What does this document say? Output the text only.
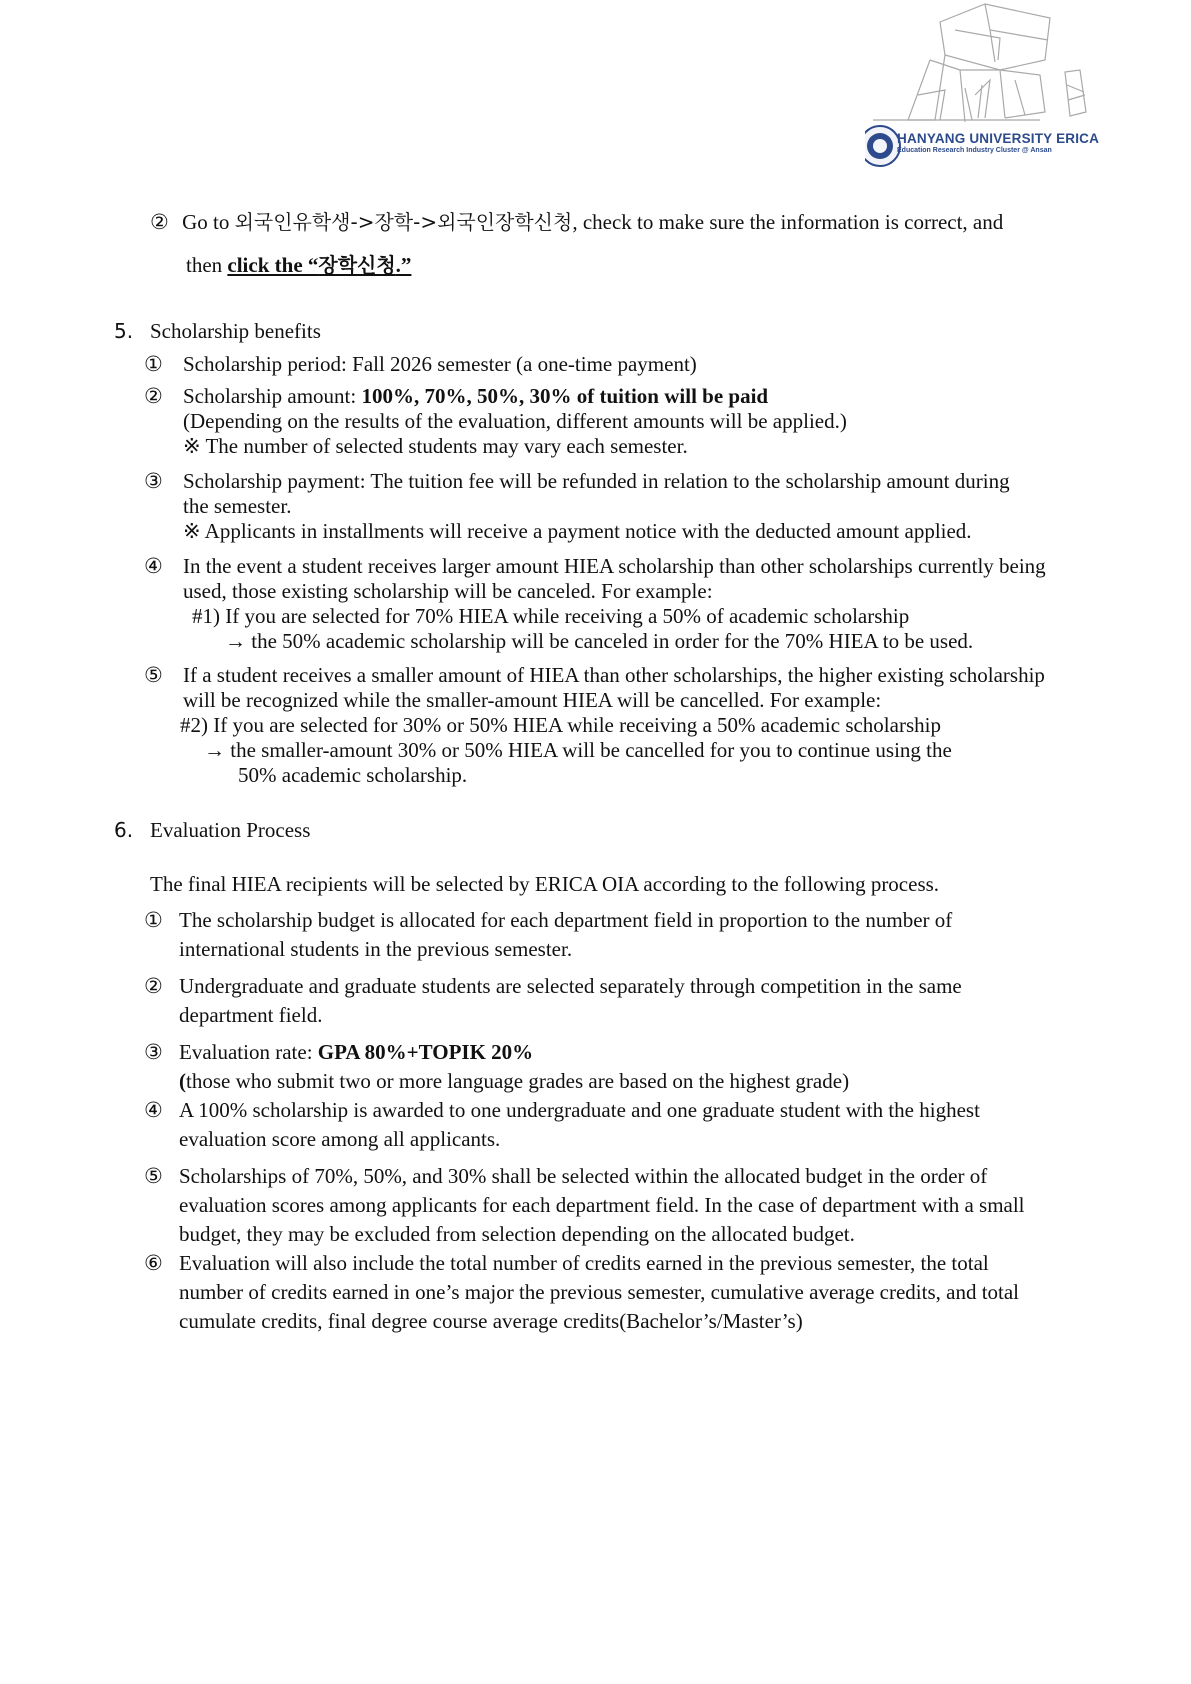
HANYANG UNIVERSITY ERICA
Education Research Industry Cluster @ Ansan
② Go to 외국인유학생->장학->외국인장학신청, check to make sure the information is correct, and
then click the “장학신청.”
5. Scholarship benefits
① Scholarship period: Fall 2026 semester (a one-time payment)
② Scholarship amount: 100%, 70%, 50%, 30% of tuition will be paid
(Depending on the results of the evaluation, different amounts will be applied.)
※ The number of selected students may vary each semester.
③ Scholarship payment: The tuition fee will be refunded in relation to the scholarship amount during
the semester.
※ Applicants in installments will receive a payment notice with the deducted amount applied.
④ In the event a student receives larger amount HIEA scholarship than other scholarships currently being
used, those existing scholarship will be canceled. For example:
#1) If you are selected for 70% HIEA while receiving a 50% of academic scholarship
→ the 50% academic scholarship will be canceled in order for the 70% HIEA to be used.
⑤ If a student receives a smaller amount of HIEA than other scholarships, the higher existing scholarship
will be recognized while the smaller-amount HIEA will be cancelled. For example:
#2) If you are selected for 30% or 50% HIEA while receiving a 50% academic scholarship
→ the smaller-amount 30% or 50% HIEA will be cancelled for you to continue using the
50% academic scholarship.
6. Evaluation Process
The final HIEA recipients will be selected by ERICA OIA according to the following process.
① The scholarship budget is allocated for each department field in proportion to the number of
international students in the previous semester.
② Undergraduate and graduate students are selected separately through competition in the same
department field.
③ Evaluation rate: GPA 80%+TOPIK 20%
(those who submit two or more language grades are based on the highest grade)
④ A 100% scholarship is awarded to one undergraduate and one graduate student with the highest
evaluation score among all applicants.
⑤ Scholarships of 70%, 50%, and 30% shall be selected within the allocated budget in the order of
evaluation scores among applicants for each department field. In the case of department with a small
budget, they may be excluded from selection depending on the allocated budget.
⑥ Evaluation will also include the total number of credits earned in the previous semester, the total
number of credits earned in one’s major the previous semester, cumulative average credits, and total
cumulate credits, final degree course average credits(Bachelor’s/Master’s)
